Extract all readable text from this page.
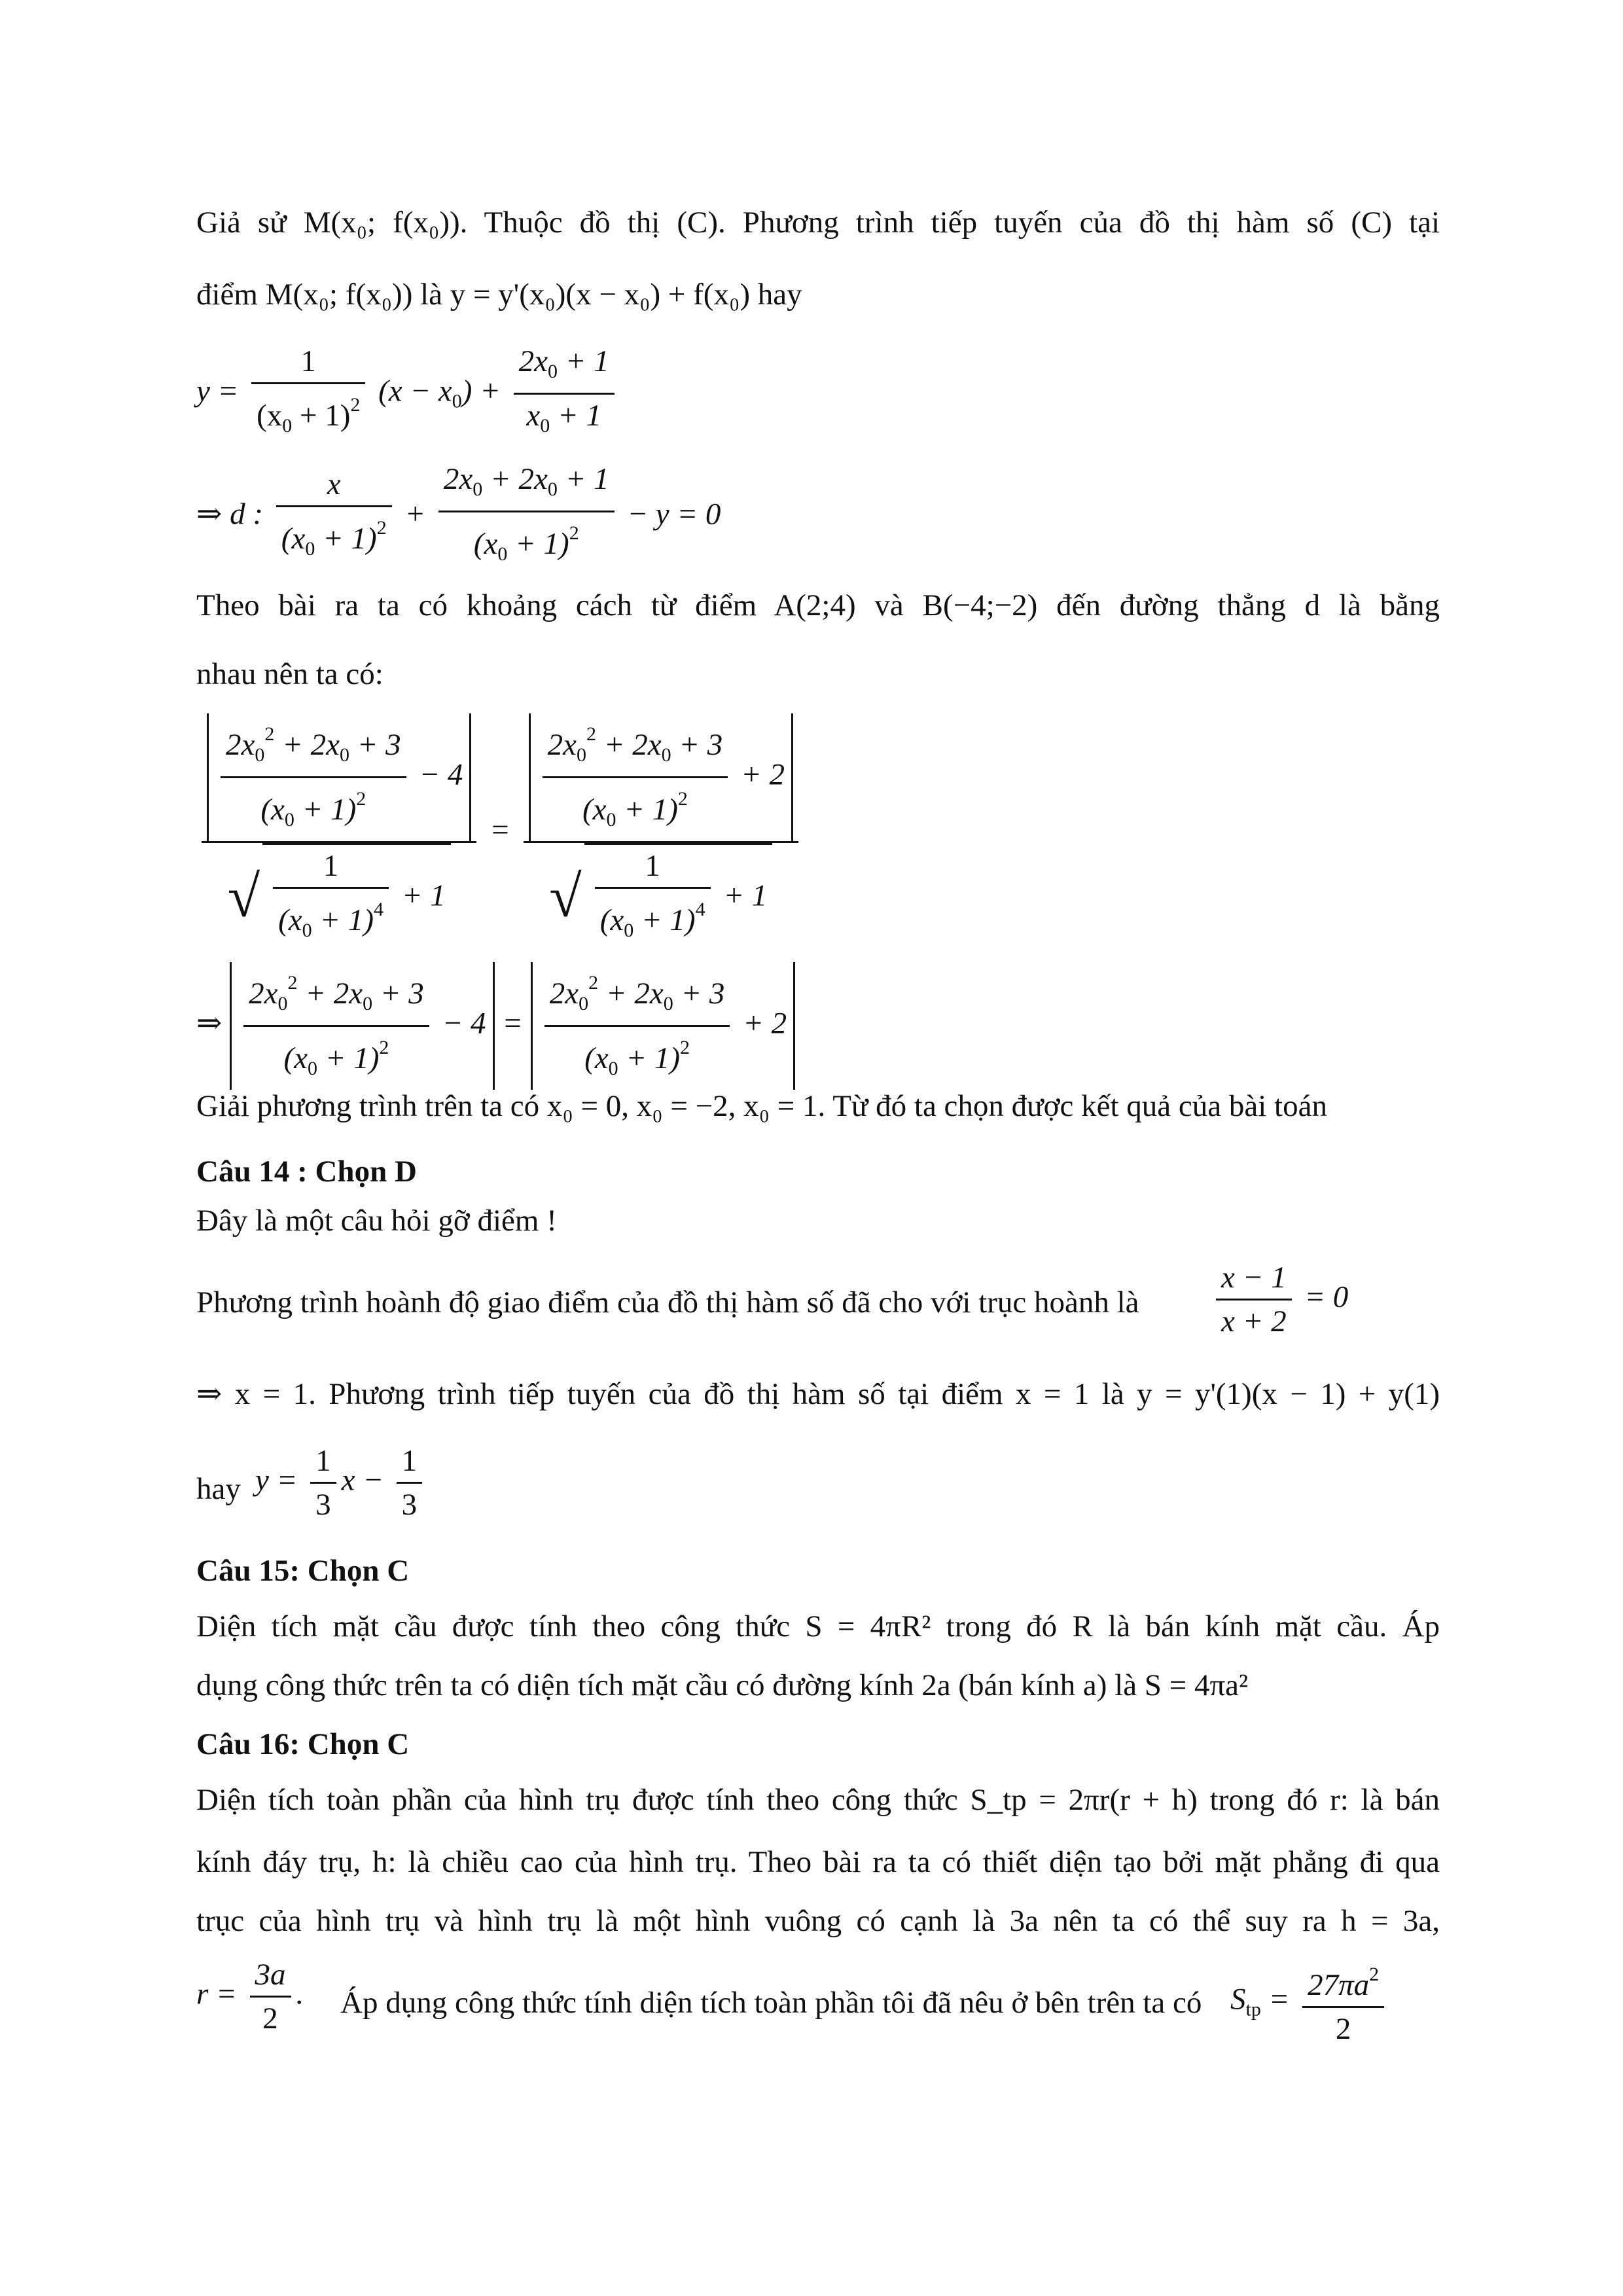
Giả sử M(x₀; f(x₀)). Thuộc đồ thị (C). Phương trình tiếp tuyến của đồ thị hàm số (C) tại
điểm M(x₀; f(x₀)) là y = y'(x₀)(x − x₀) + f(x₀) hay
$y = \frac{1}{(x_0 + 1)^2} (x - x_0) + \frac{2x_0 + 1}{x_0 + 1}$
⇒ d : $\frac{x}{(x_0 + 1)^2} + \frac{2x_0 + 2x_0 + 1}{(x_0 + 1)^2} - y = 0$
Theo bài ra ta có khoảng cách từ điểm A(2;4) và B(−4;−2) đến đường thẳng d là bằng
nhau nên ta có:
$\frac{\frac{2x_0^2 + 2x_0 + 3}{(x_0 + 1)^2} - 4}{√ \frac{1}{(x_0 + 1)^4} + 1} = \frac{\frac{2x_0^2 + 2x_0 + 3}{(x_0 + 1)^2} + 2}{√ \frac{1}{(x_0 + 1)^4} + 1}$
⇒ $\frac{2x_0^2 + 2x_0 + 3}{(x_0 + 1)^2} - 4 = \frac{2x_0^2 + 2x_0 + 3}{(x_0 + 1)^2} + 2$
Giải phương trình trên ta có x₀ = 0, x₀ = −2, x₀ = 1. Từ đó ta chọn được kết quả của bài toán
Câu 14 : Chọn D
Đây là một câu hỏi gỡ điểm !
Phương trình hoành độ giao điểm của đồ thị hàm số đã cho với trục hoành là	$\frac{x - 1}{x + 2} = 0$
⇒ x = 1. Phương trình tiếp tuyến của đồ thị hàm số tại điểm x = 1 là y = y'(1)(x − 1) + y(1)
hay $y = \frac{1}{3}$ $x - \frac{1}{3}$
Câu 15: Chọn C
Diện tích mặt cầu được tính theo công thức S = 4πR² trong đó R là bán kính mặt cầu. Áp
dụng công thức trên ta có diện tích mặt cầu có đường kính 2a (bán kính a) là S = 4πa²
Câu 16: Chọn C
Diện tích toàn phần của hình trụ được tính theo công thức S_tp = 2πr(r + h) trong đó r: là bán
kính đáy trụ, h: là chiều cao của hình trụ. Theo bài ra ta có thiết diện tạo bởi mặt phẳng đi qua
trục của hình trụ và hình trụ là một hình vuông có cạnh là 3a nên ta có thể suy ra h = 3a,
$r = \frac{3a}{2}$ . Áp dụng công thức tính diện tích toàn phần tôi đã nêu ở bên trên ta có $S_{tp} = \frac{27\pi a^2}{2}$
